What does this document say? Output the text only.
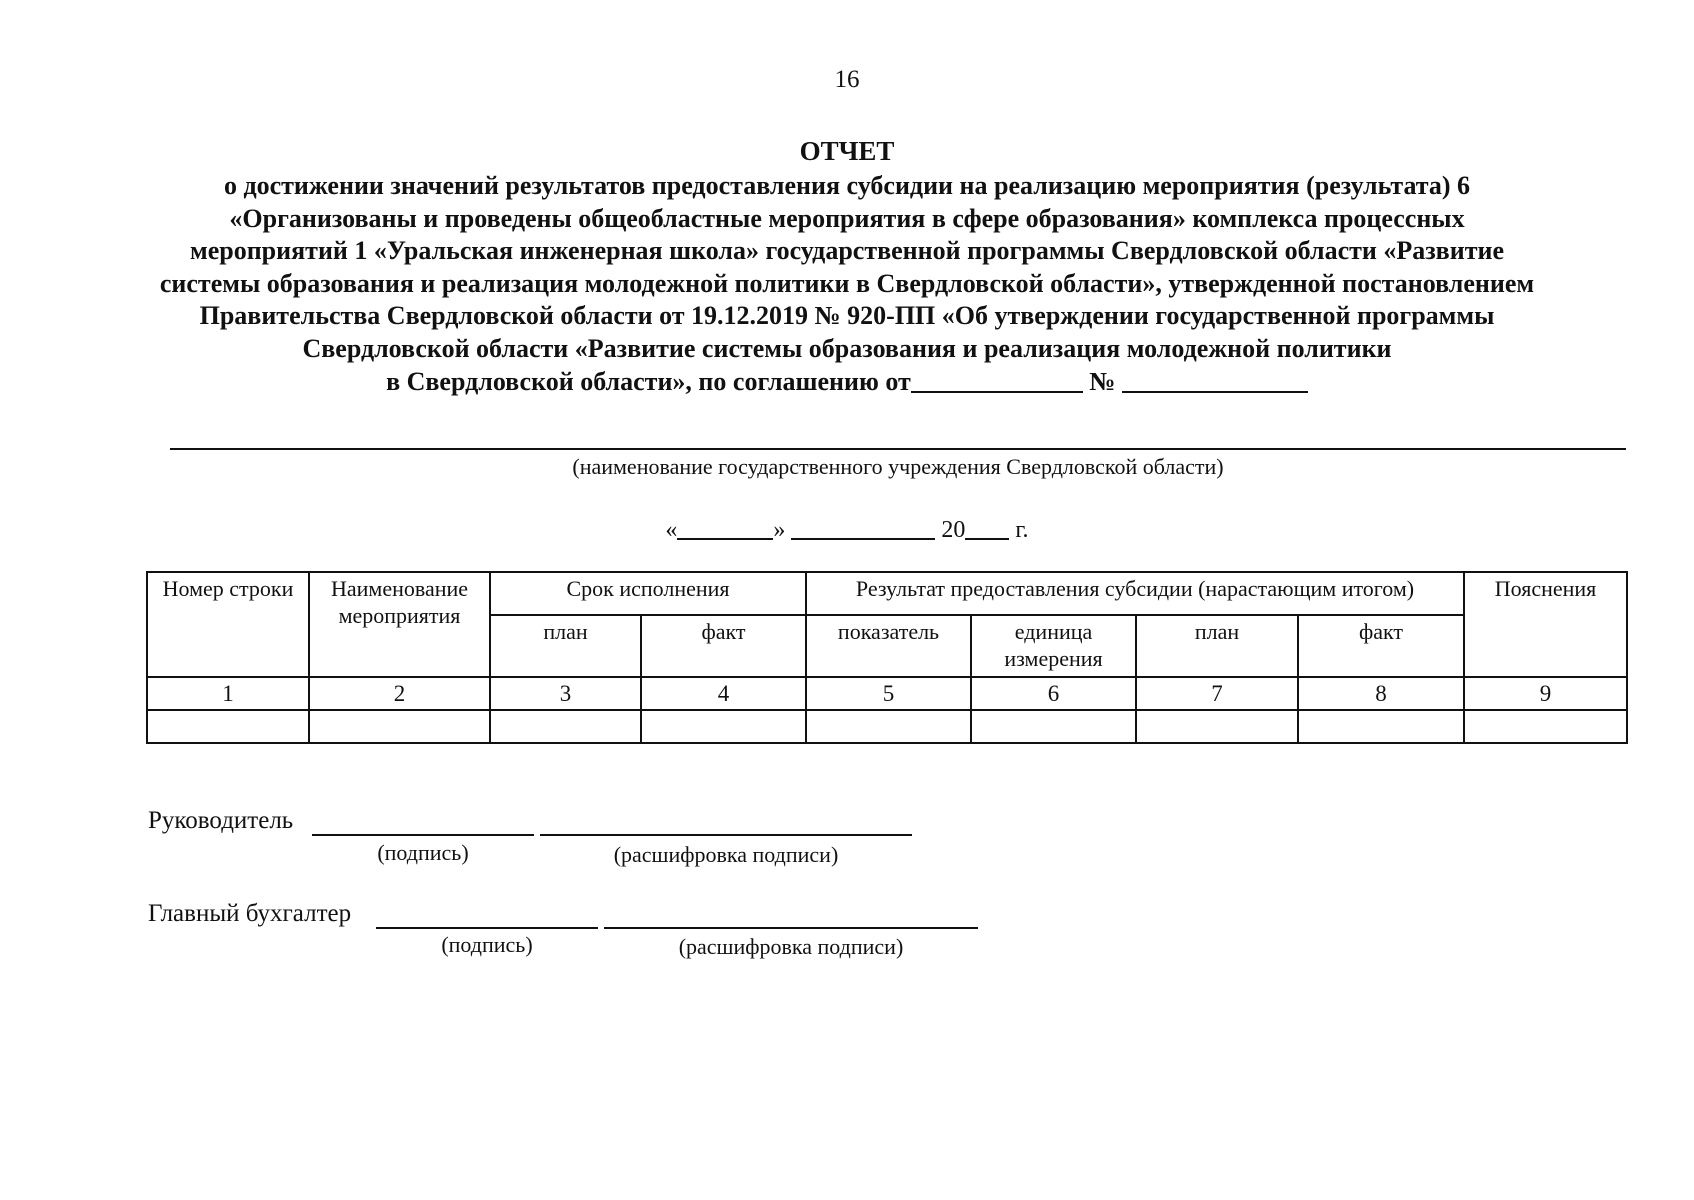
16
ОТЧЕТ
о достижении значений результатов предоставления субсидии на реализацию мероприятия (результата) 6
«Организованы и проведены общеобластные мероприятия в сфере образования» комплекса процессных
мероприятий 1 «Уральская инженерная школа» государственной программы Свердловской области «Развитие
системы образования и реализация молодежной политики в Свердловской области», утвержденной постановлением
Правительства Свердловской области от 19.12.2019 № 920-ПП «Об утверждении государственной программы
Свердловской области «Развитие системы образования и реализация молодежной политики
в Свердловской области», по соглашению от	№
(наименование государственного учреждения Свердловской области)
«	»	20 г.
Номер строки	Наименование мероприятия	Срок исполнения		Результат предоставления субсидии (нарастающим итогом)				Пояснения
		план	факт	показатель	единица измерения	план	факт	
1	2	3	4	5	6	7	8	9

Руководитель
(подпись)	(расшифровка подписи)
Главный бухгалтер
(подпись)	(расшифровка подписи)
